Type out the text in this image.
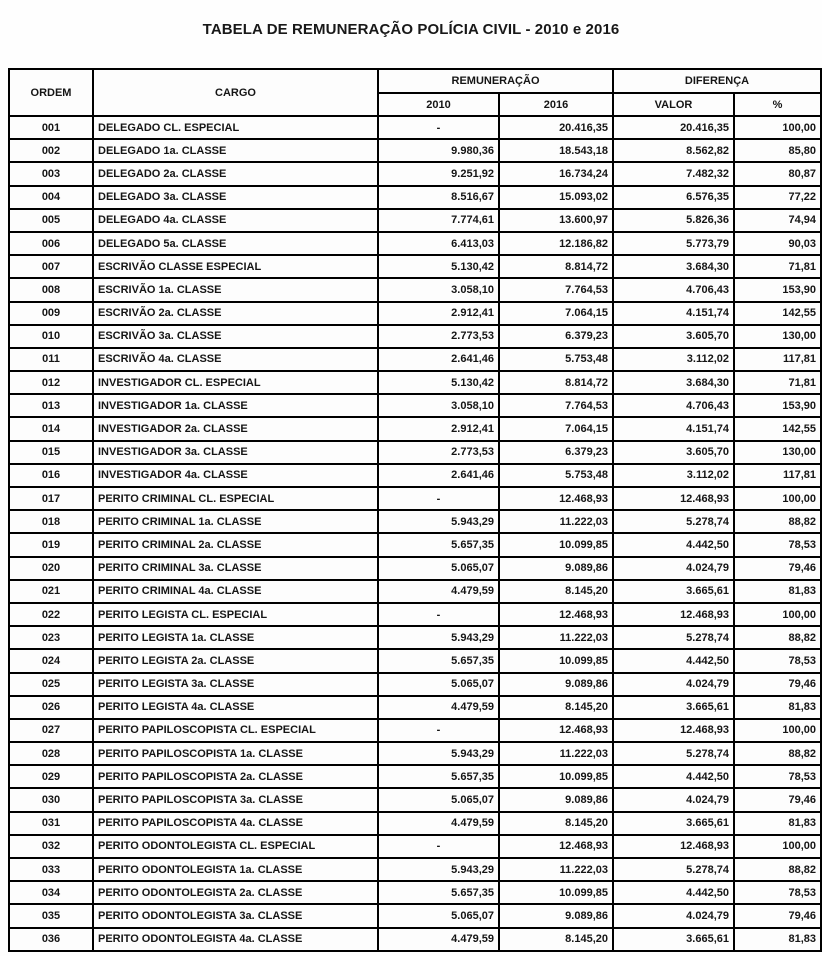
TABELA DE REMUNERAÇÃO POLÍCIA CIVIL - 2010 e 2016
ORDEM	CARGO	REMUNERAÇÃO		DIFERENÇA	
		2010	2016	VALOR	%
001	DELEGADO CL. ESPECIAL	-	20.416,35	20.416,35	100,00
002	DELEGADO 1a. CLASSE	9.980,36	18.543,18	8.562,82	85,80
003	DELEGADO 2a. CLASSE	9.251,92	16.734,24	7.482,32	80,87
004	DELEGADO 3a. CLASSE	8.516,67	15.093,02	6.576,35	77,22
005	DELEGADO 4a. CLASSE	7.774,61	13.600,97	5.826,36	74,94
006	DELEGADO 5a. CLASSE	6.413,03	12.186,82	5.773,79	90,03
007	ESCRIVÃO CLASSE ESPECIAL	5.130,42	8.814,72	3.684,30	71,81
008	ESCRIVÃO 1a. CLASSE	3.058,10	7.764,53	4.706,43	153,90
009	ESCRIVÃO 2a. CLASSE	2.912,41	7.064,15	4.151,74	142,55
010	ESCRIVÃO 3a. CLASSE	2.773,53	6.379,23	3.605,70	130,00
011	ESCRIVÃO 4a. CLASSE	2.641,46	5.753,48	3.112,02	117,81
012	INVESTIGADOR CL. ESPECIAL	5.130,42	8.814,72	3.684,30	71,81
013	INVESTIGADOR 1a. CLASSE	3.058,10	7.764,53	4.706,43	153,90
014	INVESTIGADOR 2a. CLASSE	2.912,41	7.064,15	4.151,74	142,55
015	INVESTIGADOR 3a. CLASSE	2.773,53	6.379,23	3.605,70	130,00
016	INVESTIGADOR 4a. CLASSE	2.641,46	5.753,48	3.112,02	117,81
017	PERITO CRIMINAL CL. ESPECIAL	-	12.468,93	12.468,93	100,00
018	PERITO CRIMINAL 1a. CLASSE	5.943,29	11.222,03	5.278,74	88,82
019	PERITO CRIMINAL 2a. CLASSE	5.657,35	10.099,85	4.442,50	78,53
020	PERITO CRIMINAL 3a. CLASSE	5.065,07	9.089,86	4.024,79	79,46
021	PERITO CRIMINAL 4a. CLASSE	4.479,59	8.145,20	3.665,61	81,83
022	PERITO LEGISTA CL. ESPECIAL	-	12.468,93	12.468,93	100,00
023	PERITO LEGISTA 1a. CLASSE	5.943,29	11.222,03	5.278,74	88,82
024	PERITO LEGISTA 2a. CLASSE	5.657,35	10.099,85	4.442,50	78,53
025	PERITO LEGISTA 3a. CLASSE	5.065,07	9.089,86	4.024,79	79,46
026	PERITO LEGISTA 4a. CLASSE	4.479,59	8.145,20	3.665,61	81,83
027	PERITO PAPILOSCOPISTA CL. ESPECIAL	-	12.468,93	12.468,93	100,00
028	PERITO PAPILOSCOPISTA 1a. CLASSE	5.943,29	11.222,03	5.278,74	88,82
029	PERITO PAPILOSCOPISTA 2a. CLASSE	5.657,35	10.099,85	4.442,50	78,53
030	PERITO PAPILOSCOPISTA 3a. CLASSE	5.065,07	9.089,86	4.024,79	79,46
031	PERITO PAPILOSCOPISTA 4a. CLASSE	4.479,59	8.145,20	3.665,61	81,83
032	PERITO ODONTOLEGISTA CL. ESPECIAL	-	12.468,93	12.468,93	100,00
033	PERITO ODONTOLEGISTA 1a. CLASSE	5.943,29	11.222,03	5.278,74	88,82
034	PERITO ODONTOLEGISTA 2a. CLASSE	5.657,35	10.099,85	4.442,50	78,53
035	PERITO ODONTOLEGISTA 3a. CLASSE	5.065,07	9.089,86	4.024,79	79,46
036	PERITO ODONTOLEGISTA 4a. CLASSE	4.479,59	8.145,20	3.665,61	81,83
